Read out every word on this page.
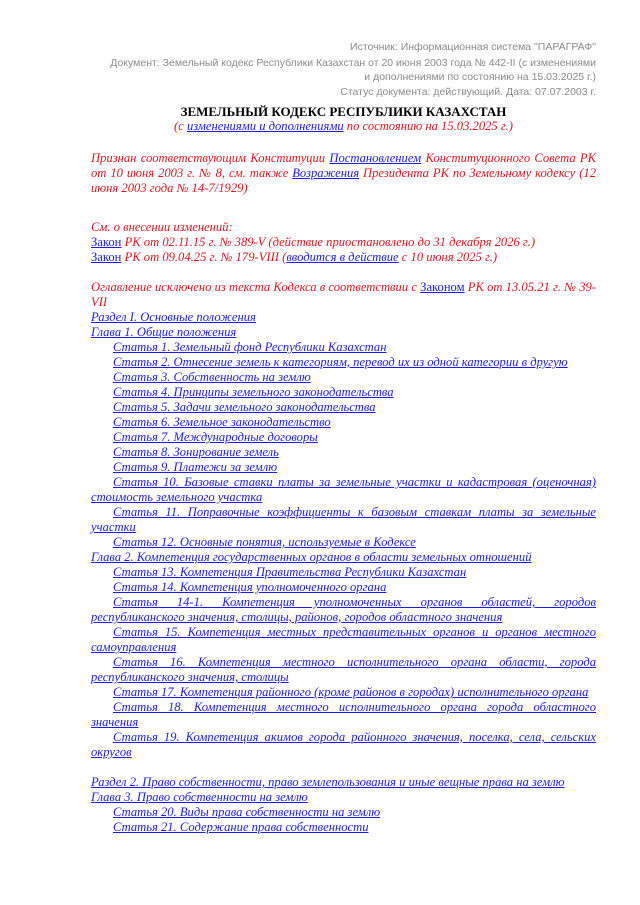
Источник: Информационная система "ПАРАГРАФ"
Документ: Земельный кодекс Республики Казахстан от 20 июня 2003 года № 442-II (с изменениями
и дополнениями по состоянию на 15.03.2025 г.)
Статус документа: действующий. Дата: 07.07.2003 г.
ЗЕМЕЛЬНЫЙ КОДЕКС РЕСПУБЛИКИ КАЗАХСТАН
(с изменениями и дополнениями по состоянию на 15.03.2025 г.)
Признан соответствующим Конституции Постановлением Конституционного Совета РК от 10 июня 2003 г. № 8, см. также Возражения Президента РК по Земельному кодексу (12 июня 2003 года № 14-7/1929)
См. о внесении изменений:
Закон РК от 02.11.15 г. № 389-V (действие приостановлено до 31 декабря 2026 г.)
Закон РК от 09.04.25 г. № 179-VIII (вводится в действие с 10 июня 2025 г.)
Оглавление исключено из текста Кодекса в соответствии с Законом РК от 13.05.21 г. № 39-VII
Раздел I. Основные положения
Глава 1. Общие положения
Статья 1. Земельный фонд Республики Казахстан
Статья 2. Отнесение земель к категориям, перевод их из одной категории в другую
Статья 3. Собственность на землю
Статья 4. Принципы земельного законодательства
Статья 5. Задачи земельного законодательства
Статья 6. Земельное законодательство
Статья 7. Международные договоры
Статья 8. Зонирование земель
Статья 9. Платежи за землю
Статья 10. Базовые ставки платы за земельные участки и кадастровая (оценочная) стоимость земельного участка
Статья 11. Поправочные коэффициенты к базовым ставкам платы за земельные участки
Статья 12. Основные понятия, используемые в Кодексе
Глава 2. Компетенция государственных органов в области земельных отношений
Статья 13. Компетенция Правительства Республики Казахстан
Статья 14. Компетенция уполномоченного органа
Статья 14-1. Компетенция уполномоченных органов областей, городов республиканского значения, столицы, районов, городов областного значения
Статья 15. Компетенция местных представительных органов и органов местного самоуправления
Статья 16. Компетенция местного исполнительного органа области, города республиканского значения, столицы
Статья 17. Компетенция районного (кроме районов в городах) исполнительного органа
Статья 18. Компетенция местного исполнительного органа города областного значения
Статья 19. Компетенция акимов города районного значения, поселка, села, сельских округов
Раздел 2. Право собственности, право землепользования и иные вещные права на землю
Глава 3. Право собственности на землю
Статья 20. Виды права собственности на землю
Статья 21. Содержание права собственности
